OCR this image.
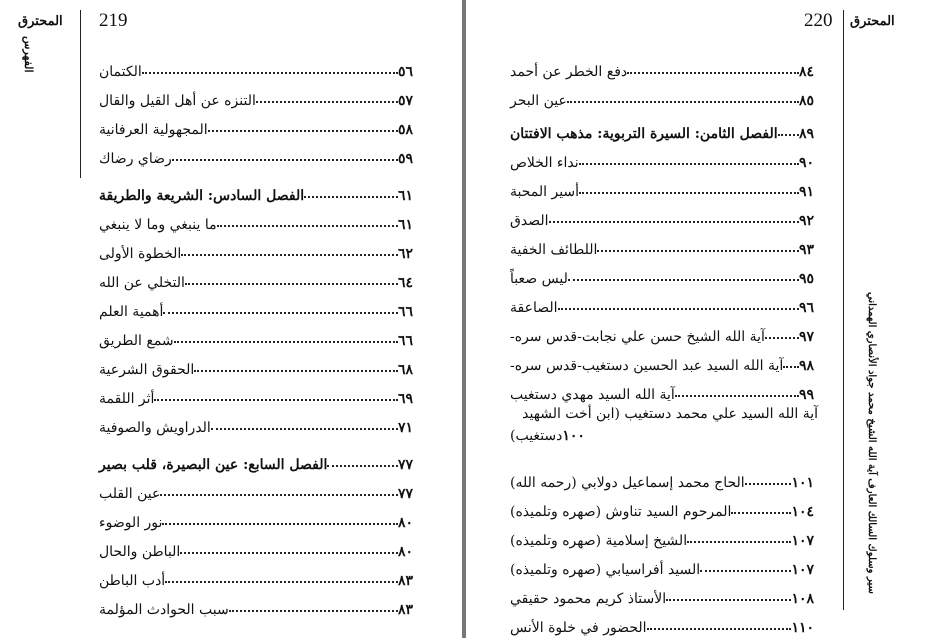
219
المحترق
الفهرس	الكتمان	٥٦
التنزه عن أهل القيل والقال	٥٧
المجهولية العرفانية	٥٨
رضاي رضاك	٥٩
الفصل السادس: الشريعة والطريقة	٦١
ما ينبغي وما لا ينبغي	٦١
الخطوة الأولى	٦٢
التخلي عن الله	٦٤
أهمية العلم	٦٦
شمع الطريق	٦٦
الحقوق الشرعية	٦٨
أثر اللقمة	٦٩
الدراويش والصوفية	٧١
الفصل السابع: عين البصيرة، قلب بصير	٧٧
عين القلب	٧٧
نور الوضوء	٨٠
الباطن والحال	٨٠
أدب الباطن	٨٣
سبب الحوادث المؤلمة	٨٣
220 المحترق
سير وسلوك السالك العارف آية الله الشيخ محمد جواد الأنصاري الهمداني
دفع الخطر عن أحمد	٨٤
عين البحر	٨٥
الفصل الثامن: السيرة التربوية: مذهب الافتتان ٨٩
نداء الخلاص	٩٠
أسير المحبة	٩١
الصدق	٩٢
اللطائف الخفية	٩٣
ليس صعباً	٩٥
الصاعقة	٩٦
آية الله الشيخ حسن علي نجابت-قدس سره- ٩٧
آية الله السيد عبد الحسين دستغيب-قدس سره- ٩٨
آية الله السيد مهدي دستغيب	٩٩
آية الله السيد علي محمد دستغيب (ابن أخت الشهيد
دستغيب) ١٠٠
الحاج محمد إسماعيل دولابي (رحمه الله)	١٠١
المرحوم السيد تناوش (صهره وتلميذه)	١٠٤
الشيخ إسلامية (صهره وتلميذه)	١٠٧
السيد أفراسيابي (صهره وتلميذه)	١٠٧
الأستاذ كريم محمود حقيقي	١٠٨
الحضور في خلوة الأنس	١١٠
